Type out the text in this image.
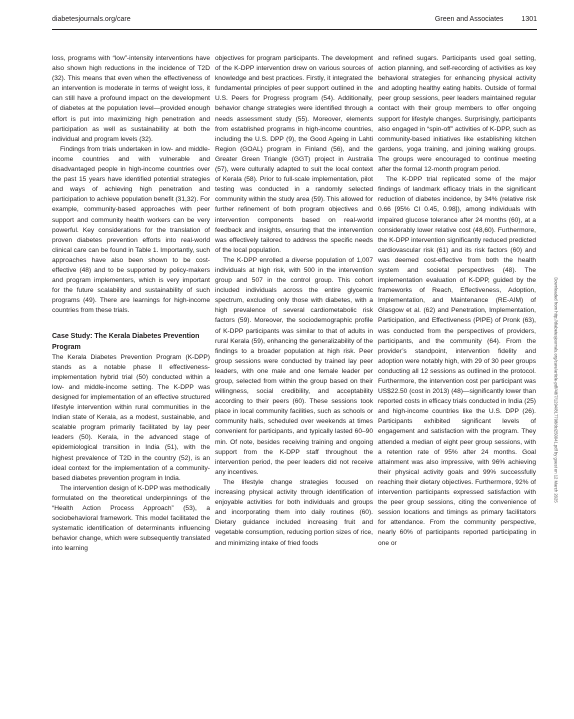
diabetesjournals.org/care	Green and Associates	1301

loss, programs with “low”-intensity interventions have also shown high reductions in the incidence of T2D (32). This means that even when the effectiveness of an intervention is moderate in terms of weight loss, it can still have a profound impact on the development of diabetes at the population level—provided enough effort is put into maximizing high penetration and participation as well as sustainability at both the individual and program levels (32).

Findings from trials undertaken in low- and middle-income countries and with vulnerable and disadvantaged people in high-income countries over the past 15 years have identified potential strategies and ways of achieving high penetration and participation to achieve population benefit (31,32). For example, community-based approaches with peer support and community health workers can be very powerful. Key considerations for the translation of proven diabetes prevention efforts into real-world clinical care can be found in Table 1. Importantly, such approaches have also been shown to be cost-effective (48) and to be supported by policy-makers and program implementers, which is very important for the future scalability and sustainability of such programs (49). There are learnings for high-income countries from these trials.

Case Study: The Kerala Diabetes Prevention Program

The Kerala Diabetes Prevention Program (K-DPP) stands as a notable phase II effectiveness-implementation hybrid trial (50) conducted within a low- and middle-income setting. The K-DPP was designed for implementation of an effective structured lifestyle intervention within rural communities in the Indian state of Kerala, as a modest, sustainable, and scalable program primarily facilitated by lay peer leaders (50). Kerala, in the advanced stage of epidemiological transition in India (51), with the highest prevalence of T2D in the country (52), is an ideal context for the implementation of a community-based diabetes prevention program in India.

The intervention design of K-DPP was methodically formulated on the theoretical underpinnings of the “Health Action Process Approach” (53), a sociobehavioral framework. This model facilitated the systematic identification of determinants influencing behavior change, which were subsequently translated into learning

objectives for program participants. The development of the K-DPP intervention drew on various sources of knowledge and best practices. Firstly, it integrated the fundamental principles of peer support outlined in the U.S. Peers for Progress program (54). Additionally, behavior change strategies were identified through a needs assessment study (55). Moreover, elements from established programs in high-income countries, including the U.S. DPP (9), the Good Ageing in Lahti Region (GOAL) program in Finland (56), and the Greater Green Triangle (GGT) project in Australia (57), were culturally adapted to suit the local context of Kerala (58). Prior to full-scale implementation, pilot testing was conducted in a randomly selected community within the study area (59). This allowed for further refinement of both program objectives and intervention components based on real-world feedback and insights, ensuring that the intervention was effectively tailored to address the specific needs of the local population.

The K-DPP enrolled a diverse population of 1,007 individuals at high risk, with 500 in the intervention group and 507 in the control group. This cohort included individuals across the entire glycemic spectrum, excluding only those with diabetes, with a high prevalence of several cardiometabolic risk factors (59). Moreover, the sociodemographic profile of K-DPP participants was similar to that of adults in rural Kerala (59), enhancing the generalizability of the findings to a broader population at high risk. Peer group sessions were conducted by trained lay peer leaders, with one male and one female leader per group, selected from within the group based on their willingness, social credibility, and acceptability according to their peers (60). These sessions took place in local community facilities, such as schools or community halls, scheduled over weekends at times convenient for participants, and typically lasted 60–90 min. Of note, besides receiving training and ongoing support from the K-DPP staff throughout the intervention period, the peer leaders did not receive any incentives.

The lifestyle change strategies focused on increasing physical activity through identification of enjoyable activities for both individuals and groups and incorporating them into daily routines (60). Dietary guidance included increasing fruit and vegetable consumption, reducing portion sizes of rice, and minimizing intake of fried foods

and refined sugars. Participants used goal setting, action planning, and self-recording of activities as key behavioral strategies for enhancing physical activity and adopting healthy eating habits. Outside of formal peer group sessions, peer leaders maintained regular contact with their group members to offer ongoing support for lifestyle changes. Surprisingly, participants also engaged in “spin-off” activities of K-DPP, such as community-based initiatives like establishing kitchen gardens, yoga training, and joining walking groups. The groups were encouraged to continue meeting after the formal 12-month program period.

The K-DPP trial replicated some of the major findings of landmark efficacy trials in the significant reduction of diabetes incidence, by 34% (relative risk 0.66 [95% CI 0.45, 0.98]), among individuals with impaired glucose tolerance after 24 months (60), at a considerably lower relative cost (48,60). Furthermore, the K-DPP intervention significantly reduced predicted cardiovascular risk (61) and its risk factors (60) and was deemed cost-effective from both the health system and societal perspectives (48). The implementation evaluation of K-DPP, guided by the frameworks of Reach, Effectiveness, Adoption, Implementation, and Maintenance (RE-AIM) of Glasgow et al. (62) and Penetration, Implementation, Participation, and Effectiveness (PIPE) of Pronk (63), was conducted from the perspectives of providers, participants, and the community (64). From the provider’s standpoint, intervention fidelity and adoption were notably high, with 29 of 30 peer groups conducting all 12 sessions as outlined in the protocol. Furthermore, the intervention cost per participant was US$22.50 (cost in 2013) (48)—significantly lower than reported costs in efficacy trials conducted in India (25) and high-income countries like the U.S. DPP (26). Participants exhibited significant levels of engagement and satisfaction with the program. They attended a median of eight peer group sessions, with a retention rate of 95% after 24 months. Goal attainment was also impressive, with 96% achieving their physical activity goals and 99% successfully reaching their dietary objectives. Furthermore, 92% of intervention participants expressed satisfaction with the peer group sessions, citing the convenience of session locations and timings as primary facilitators for attendance. From the community perspective, nearly 60% of participants reported participating in one or

Downloaded from http://diabetesjournals.org/care/article-pdf/48/7/1294/817798/dci250041.pdf by guest on 12 March 2025
